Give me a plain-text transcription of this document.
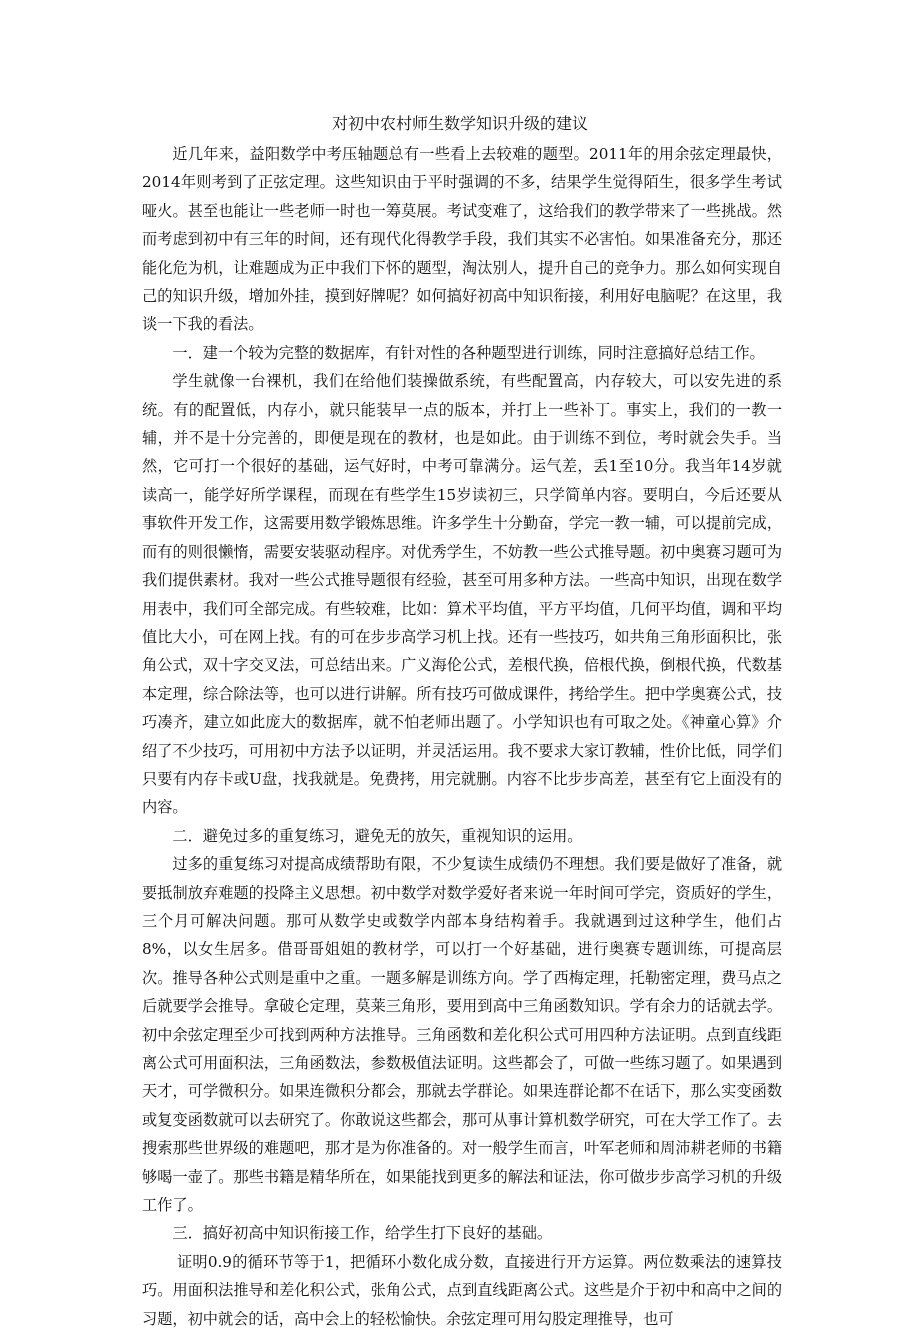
对初中农村师生数学知识升级的建议

近几年来，益阳数学中考压轴题总有一些看上去较难的题型。2011年的用余弦定理最快，2014年则考到了正弦定理。这些知识由于平时强调的不多，结果学生觉得陌生，很多学生考试哑火。甚至也能让一些老师一时也一筹莫展。考试变难了，这给我们的教学带来了一些挑战。然而考虑到初中有三年的时间，还有现代化得教学手段，我们其实不必害怕。如果准备充分，那还能化危为机，让难题成为正中我们下怀的题型，淘汰别人，提升自己的竞争力。那么如何实现自己的知识升级，增加外挂，摸到好牌呢？如何搞好初高中知识衔接，利用好电脑呢？在这里，我谈一下我的看法。

一．建一个较为完整的数据库，有针对性的各种题型进行训练，同时注意搞好总结工作。

学生就像一台裸机，我们在给他们装操做系统，有些配置高，内存较大，可以安先进的系统。有的配置低，内存小，就只能装早一点的版本，并打上一些补丁。事实上，我们的一教一辅，并不是十分完善的，即便是现在的教材，也是如此。由于训练不到位，考时就会失手。当然，它可打一个很好的基础，运气好时，中考可靠满分。运气差，丢1至10分。我当年14岁就读高一，能学好所学课程，而现在有些学生15岁读初三，只学简单内容。要明白，今后还要从事软件开发工作，这需要用数学锻炼思维。许多学生十分勤奋，学完一教一辅，可以提前完成，而有的则很懒惰，需要安装驱动程序。对优秀学生，不妨教一些公式推导题。初中奥赛习题可为我们提供素材。我对一些公式推导题很有经验，甚至可用多种方法。一些高中知识，出现在数学用表中，我们可全部完成。有些较难，比如：算术平均值，平方平均值，几何平均值，调和平均值比大小，可在网上找。有的可在步步高学习机上找。还有一些技巧，如共角三角形面积比，张角公式，双十字交叉法，可总结出来。广义海伦公式，差根代换，倍根代换，倒根代换，代数基本定理，综合除法等，也可以进行讲解。所有技巧可做成课件，拷给学生。把中学奥赛公式，技巧凑齐，建立如此庞大的数据库，就不怕老师出题了。小学知识也有可取之处。《神童心算》介绍了不少技巧，可用初中方法予以证明，并灵活运用。我不要求大家订教辅，性价比低，同学们只要有内存卡或U盘，找我就是。免费拷，用完就删。内容不比步步高差，甚至有它上面没有的内容。

二．避免过多的重复练习，避免无的放矢，重视知识的运用。

过多的重复练习对提高成绩帮助有限，不少复读生成绩仍不理想。我们要是做好了准备，就要抵制放弃难题的投降主义思想。初中数学对数学爱好者来说一年时间可学完，资质好的学生，三个月可解决问题。那可从数学史或数学内部本身结构着手。我就遇到过这种学生，他们占8%，以女生居多。借哥哥姐姐的教材学，可以打一个好基础，进行奥赛专题训练，可提高层次。推导各种公式则是重中之重。一题多解是训练方向。学了西梅定理，托勒密定理，费马点之后就要学会推导。拿破仑定理，莫莱三角形，要用到高中三角函数知识。学有余力的话就去学。初中余弦定理至少可找到两种方法推导。三角函数和差化积公式可用四种方法证明。点到直线距离公式可用面积法，三角函数法，参数极值法证明。这些都会了，可做一些练习题了。如果遇到天才，可学微积分。如果连微积分都会，那就去学群论。如果连群论都不在话下，那么实变函数或复变函数就可以去研究了。你敢说这些都会，那可从事计算机数学研究，可在大学工作了。去搜索那些世界级的难题吧，那才是为你准备的。对一般学生而言，叶军老师和周沛耕老师的书籍够喝一壶了。那些书籍是精华所在，如果能找到更多的解法和证法，你可做步步高学习机的升级工作了。

三．搞好初高中知识衔接工作，给学生打下良好的基础。

证明0.9的循环节等于1，把循环小数化成分数，直接进行开方运算。两位数乘法的速算技巧。用面积法推导和差化积公式，张角公式，点到直线距离公式。这些是介于初中和高中之间的习题，初中就会的话，高中会上的轻松愉快。余弦定理可用勾股定理推导，也可
